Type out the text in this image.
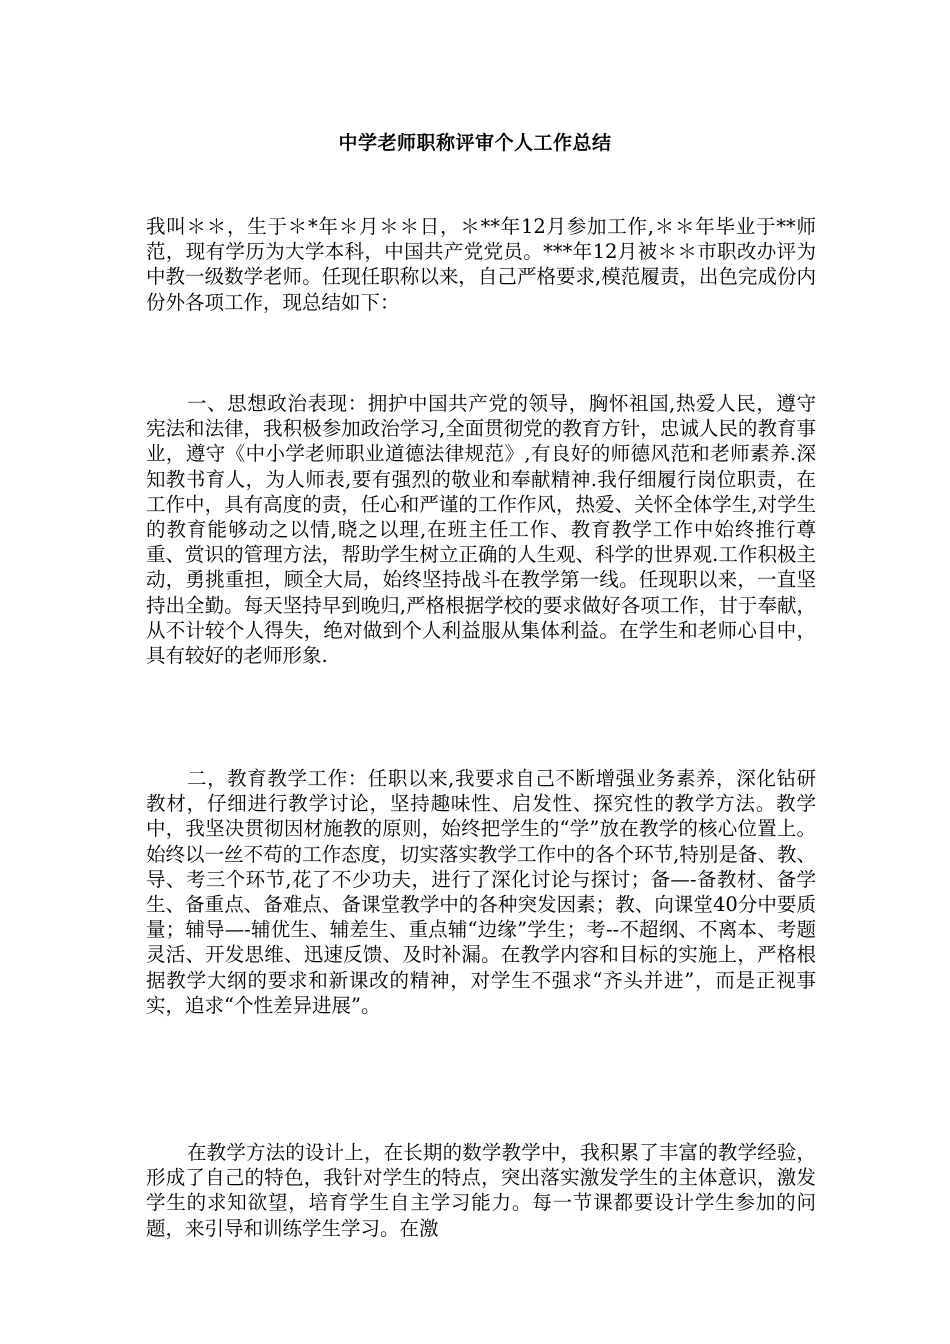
中学老师职称评审个人工作总结

我叫＊＊，生于＊*年＊月＊＊日，＊**年12月参加工作,＊＊年毕业于**师范，现有学历为大学本科，中国共产党党员。***年12月被＊＊市职改办评为中教一级数学老师。任现任职称以来，自己严格要求,模范履责，出色完成份内份外各项工作，现总结如下：

一、思想政治表现：拥护中国共产党的领导，胸怀祖国,热爱人民，遵守宪法和法律，我积极参加政治学习,全面贯彻党的教育方针，忠诚人民的教育事业，遵守《中小学老师职业道德法律规范》,有良好的师德风范和老师素养.深知教书育人，为人师表,要有强烈的敬业和奉献精神.我仔细履行岗位职责，在工作中，具有高度的责，任心和严谨的工作作风，热爱、关怀全体学生,对学生的教育能够动之以情,晓之以理,在班主任工作、教育教学工作中始终推行尊重、赏识的管理方法，帮助学生树立正确的人生观、科学的世界观.工作积极主动，勇挑重担，顾全大局，始终坚持战斗在教学第一线。任现职以来，一直坚持出全勤。每天坚持早到晚归,严格根据学校的要求做好各项工作，甘于奉献，从不计较个人得失，绝对做到个人利益服从集体利益。在学生和老师心目中，具有较好的老师形象.

二，教育教学工作：任职以来,我要求自己不断增强业务素养，深化钻研教材，仔细进行教学讨论，坚持趣味性、启发性、探究性的教学方法。教学中，我坚决贯彻因材施教的原则，始终把学生的“学”放在教学的核心位置上。始终以一丝不苟的工作态度，切实落实教学工作中的各个环节,特别是备、教、导、考三个环节,花了不少功夫，进行了深化讨论与探讨；备—-备教材、备学生、备重点、备难点、备课堂教学中的各种突发因素；教、向课堂40分中要质量；辅导—-辅优生、辅差生、重点辅“边缘”学生；考--不超纲、不离本、考题灵活、开发思维、迅速反馈、及时补漏。在教学内容和目标的实施上，严格根据教学大纲的要求和新课改的精神，对学生不强求“齐头并进”，而是正视事实，追求“个性差异进展”。

在教学方法的设计上，在长期的数学教学中，我积累了丰富的教学经验，形成了自己的特色，我针对学生的特点，突出落实激发学生的主体意识，激发学生的求知欲望，培育学生自主学习能力。每一节课都要设计学生参加的问题，来引导和训练学生学习。在激
